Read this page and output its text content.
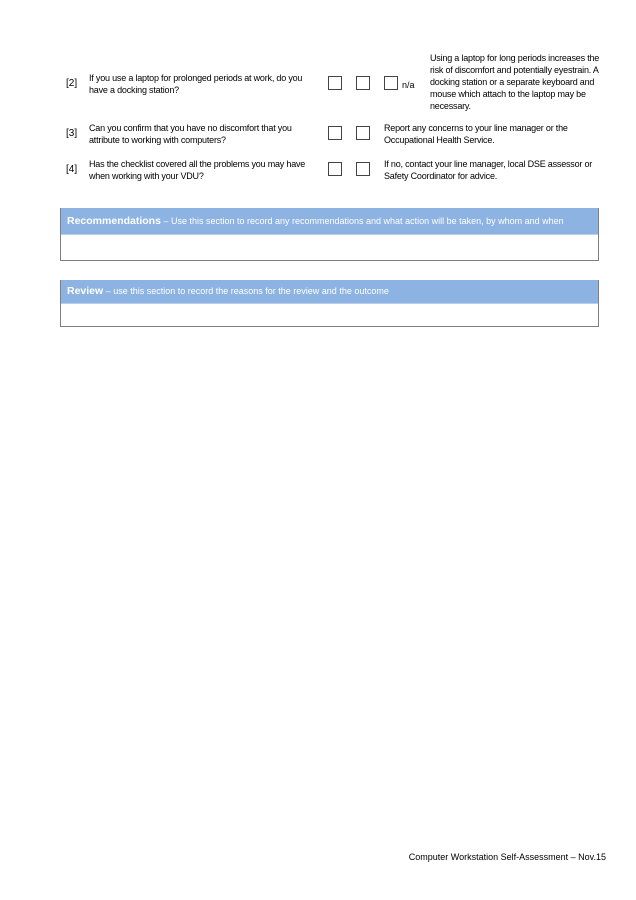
[2] If you use a laptop for prolonged periods at work, do you have a docking station?	n/a
Using a laptop for long periods increases the risk of discomfort and potentially eyestrain. A docking station or a separate keyboard and mouse which attach to the laptop may be necessary.
[3] Can you confirm that you have no discomfort that you attribute to working with computers?
Report any concerns to your line manager or the Occupational Health Service.
[4] Has the checklist covered all the problems you may have when working with your VDU?
If no, contact your line manager, local DSE assessor or Safety Coordinator for advice.
Recommendations – Use this section to record any recommendations and what action will be taken, by whom and when
Review – use this section to record the reasons for the review and the outcome
Computer Workstation Self-Assessment – Nov.15
